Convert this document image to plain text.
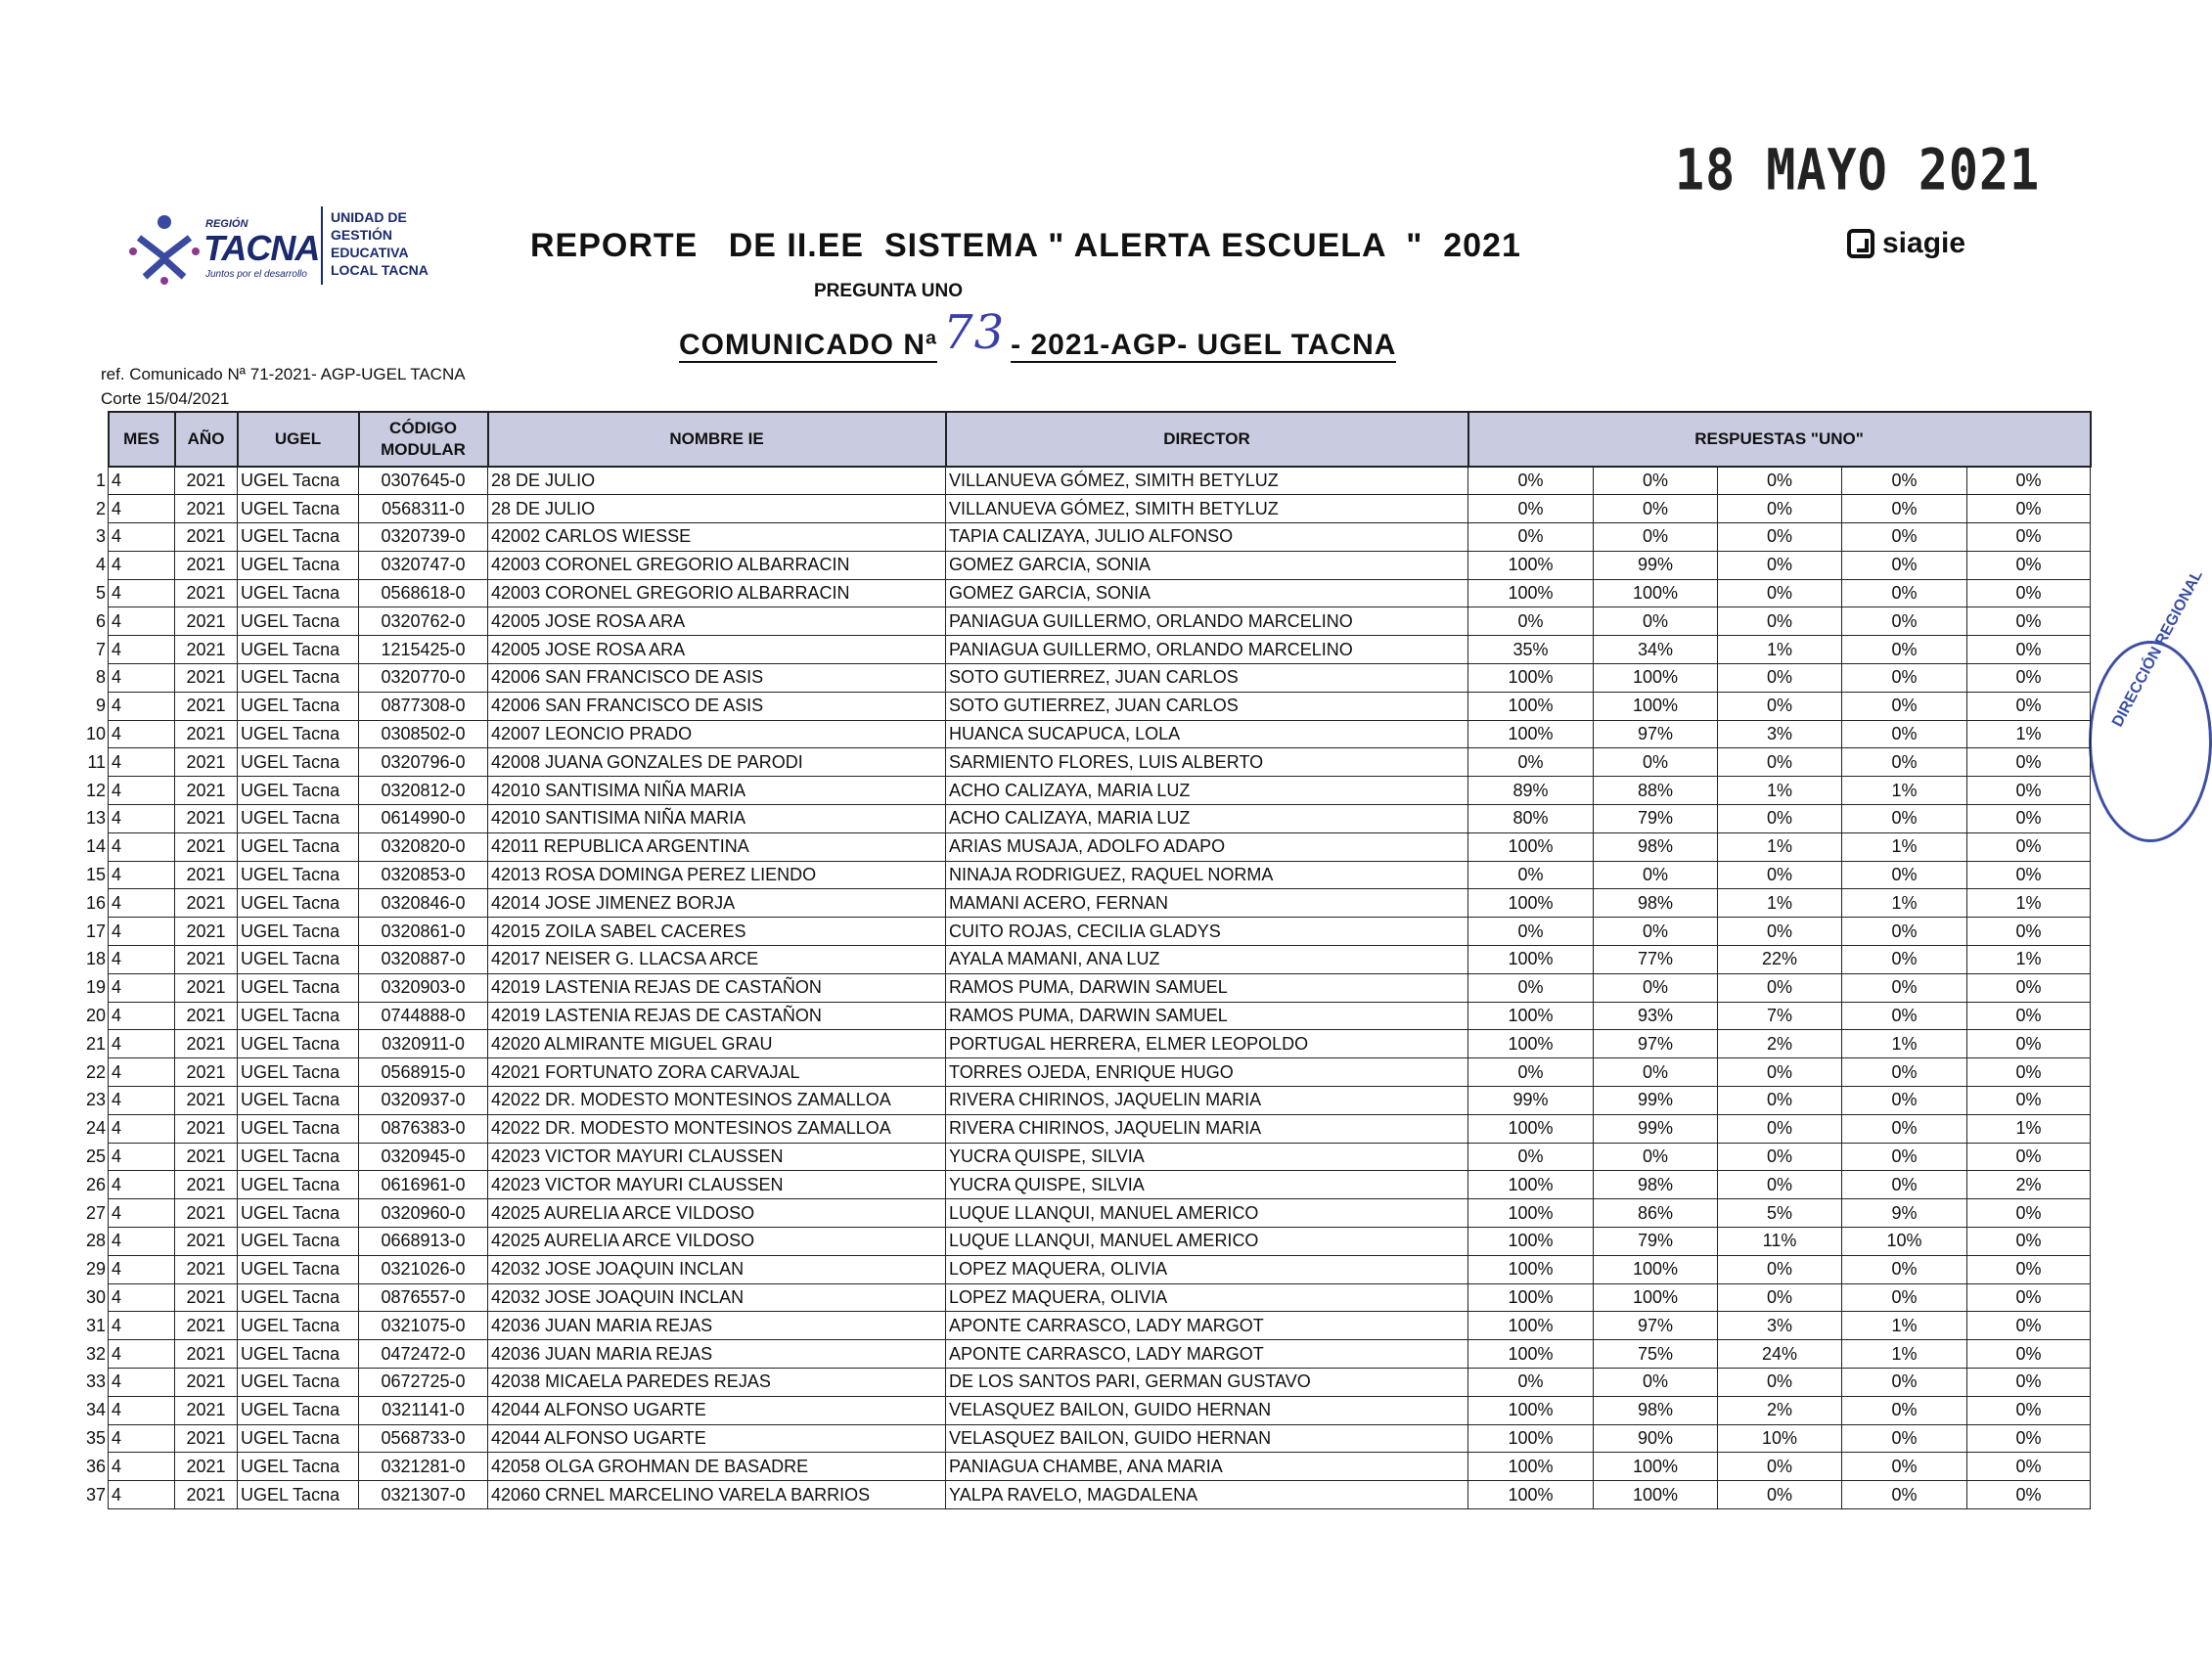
18 MAYO 2021
REGIÓN
TACNA
Juntos por el desarrollo
UNIDAD DE
GESTIÓN
EDUCATIVA
LOCAL TACNA
REPORTE   DE II.EE  SISTEMA " ALERTA ESCUELA  "  2021	siagie
PREGUNTA UNO
COMUNICADO Nª 73 - 2021-AGP- UGEL TACNA
ref. Comunicado Nª 71-2021- AGP-UGEL TACNA
Corte 15/04/2021
DIRECCIÓN REGIONAL
	MES	AÑO	UGEL	CÓDIGO
MODULAR	NOMBRE IE	DIRECTOR	RESPUESTAS "UNO"				
1	4	2021	UGEL Tacna	0307645-0	28 DE JULIO	VILLANUEVA GÓMEZ, SIMITH BETYLUZ	0%	0%	0%	0%	0%
2	4	2021	UGEL Tacna	0568311-0	28 DE JULIO	VILLANUEVA GÓMEZ, SIMITH BETYLUZ	0%	0%	0%	0%	0%
3	4	2021	UGEL Tacna	0320739-0	42002 CARLOS WIESSE	TAPIA CALIZAYA, JULIO ALFONSO	0%	0%	0%	0%	0%
4	4	2021	UGEL Tacna	0320747-0	42003 CORONEL GREGORIO ALBARRACIN	GOMEZ GARCIA, SONIA	100%	99%	0%	0%	0%
5	4	2021	UGEL Tacna	0568618-0	42003 CORONEL GREGORIO ALBARRACIN	GOMEZ GARCIA, SONIA	100%	100%	0%	0%	0%
6	4	2021	UGEL Tacna	0320762-0	42005 JOSE ROSA ARA	PANIAGUA GUILLERMO, ORLANDO MARCELINO	0%	0%	0%	0%	0%
7	4	2021	UGEL Tacna	1215425-0	42005 JOSE ROSA ARA	PANIAGUA GUILLERMO, ORLANDO MARCELINO	35%	34%	1%	0%	0%
8	4	2021	UGEL Tacna	0320770-0	42006 SAN FRANCISCO DE ASIS	SOTO GUTIERREZ, JUAN CARLOS	100%	100%	0%	0%	0%
9	4	2021	UGEL Tacna	0877308-0	42006 SAN FRANCISCO DE ASIS	SOTO GUTIERREZ, JUAN CARLOS	100%	100%	0%	0%	0%
10	4	2021	UGEL Tacna	0308502-0	42007 LEONCIO PRADO	HUANCA SUCAPUCA, LOLA	100%	97%	3%	0%	1%
11	4	2021	UGEL Tacna	0320796-0	42008 JUANA GONZALES DE PARODI	SARMIENTO FLORES, LUIS ALBERTO	0%	0%	0%	0%	0%
12	4	2021	UGEL Tacna	0320812-0	42010 SANTISIMA NIÑA MARIA	ACHO CALIZAYA, MARIA LUZ	89%	88%	1%	1%	0%
13	4	2021	UGEL Tacna	0614990-0	42010 SANTISIMA NIÑA MARIA	ACHO CALIZAYA, MARIA LUZ	80%	79%	0%	0%	0%
14	4	2021	UGEL Tacna	0320820-0	42011 REPUBLICA ARGENTINA	ARIAS MUSAJA, ADOLFO ADAPO	100%	98%	1%	1%	0%
15	4	2021	UGEL Tacna	0320853-0	42013 ROSA DOMINGA PEREZ LIENDO	NINAJA RODRIGUEZ, RAQUEL NORMA	0%	0%	0%	0%	0%
16	4	2021	UGEL Tacna	0320846-0	42014 JOSE JIMENEZ BORJA	MAMANI ACERO, FERNAN	100%	98%	1%	1%	1%
17	4	2021	UGEL Tacna	0320861-0	42015 ZOILA SABEL CACERES	CUITO ROJAS, CECILIA GLADYS	0%	0%	0%	0%	0%
18	4	2021	UGEL Tacna	0320887-0	42017 NEISER G. LLACSA ARCE	AYALA MAMANI, ANA LUZ	100%	77%	22%	0%	1%
19	4	2021	UGEL Tacna	0320903-0	42019 LASTENIA REJAS DE CASTAÑON	RAMOS PUMA, DARWIN SAMUEL	0%	0%	0%	0%	0%
20	4	2021	UGEL Tacna	0744888-0	42019 LASTENIA REJAS DE CASTAÑON	RAMOS PUMA, DARWIN SAMUEL	100%	93%	7%	0%	0%
21	4	2021	UGEL Tacna	0320911-0	42020 ALMIRANTE MIGUEL GRAU	PORTUGAL HERRERA, ELMER LEOPOLDO	100%	97%	2%	1%	0%
22	4	2021	UGEL Tacna	0568915-0	42021 FORTUNATO ZORA CARVAJAL	TORRES OJEDA, ENRIQUE HUGO	0%	0%	0%	0%	0%
23	4	2021	UGEL Tacna	0320937-0	42022 DR. MODESTO MONTESINOS ZAMALLOA	RIVERA CHIRINOS, JAQUELIN MARIA	99%	99%	0%	0%	0%
24	4	2021	UGEL Tacna	0876383-0	42022 DR. MODESTO MONTESINOS ZAMALLOA	RIVERA CHIRINOS, JAQUELIN MARIA	100%	99%	0%	0%	1%
25	4	2021	UGEL Tacna	0320945-0	42023 VICTOR MAYURI CLAUSSEN	YUCRA QUISPE, SILVIA	0%	0%	0%	0%	0%
26	4	2021	UGEL Tacna	0616961-0	42023 VICTOR MAYURI CLAUSSEN	YUCRA QUISPE, SILVIA	100%	98%	0%	0%	2%
27	4	2021	UGEL Tacna	0320960-0	42025 AURELIA ARCE VILDOSO	LUQUE LLANQUI, MANUEL AMERICO	100%	86%	5%	9%	0%
28	4	2021	UGEL Tacna	0668913-0	42025 AURELIA ARCE VILDOSO	LUQUE LLANQUI, MANUEL AMERICO	100%	79%	11%	10%	0%
29	4	2021	UGEL Tacna	0321026-0	42032 JOSE JOAQUIN INCLAN	LOPEZ MAQUERA, OLIVIA	100%	100%	0%	0%	0%
30	4	2021	UGEL Tacna	0876557-0	42032 JOSE JOAQUIN INCLAN	LOPEZ MAQUERA, OLIVIA	100%	100%	0%	0%	0%
31	4	2021	UGEL Tacna	0321075-0	42036 JUAN MARIA REJAS	APONTE CARRASCO, LADY MARGOT	100%	97%	3%	1%	0%
32	4	2021	UGEL Tacna	0472472-0	42036 JUAN MARIA REJAS	APONTE CARRASCO, LADY MARGOT	100%	75%	24%	1%	0%
33	4	2021	UGEL Tacna	0672725-0	42038 MICAELA PAREDES REJAS	DE LOS SANTOS PARI, GERMAN GUSTAVO	0%	0%	0%	0%	0%
34	4	2021	UGEL Tacna	0321141-0	42044 ALFONSO UGARTE	VELASQUEZ BAILON, GUIDO HERNAN	100%	98%	2%	0%	0%
35	4	2021	UGEL Tacna	0568733-0	42044 ALFONSO UGARTE	VELASQUEZ BAILON, GUIDO HERNAN	100%	90%	10%	0%	0%
36	4	2021	UGEL Tacna	0321281-0	42058 OLGA GROHMAN DE BASADRE	PANIAGUA CHAMBE, ANA MARIA	100%	100%	0%	0%	0%
37	4	2021	UGEL Tacna	0321307-0	42060 CRNEL MARCELINO VARELA BARRIOS	YALPA RAVELO, MAGDALENA	100%	100%	0%	0%	0%
